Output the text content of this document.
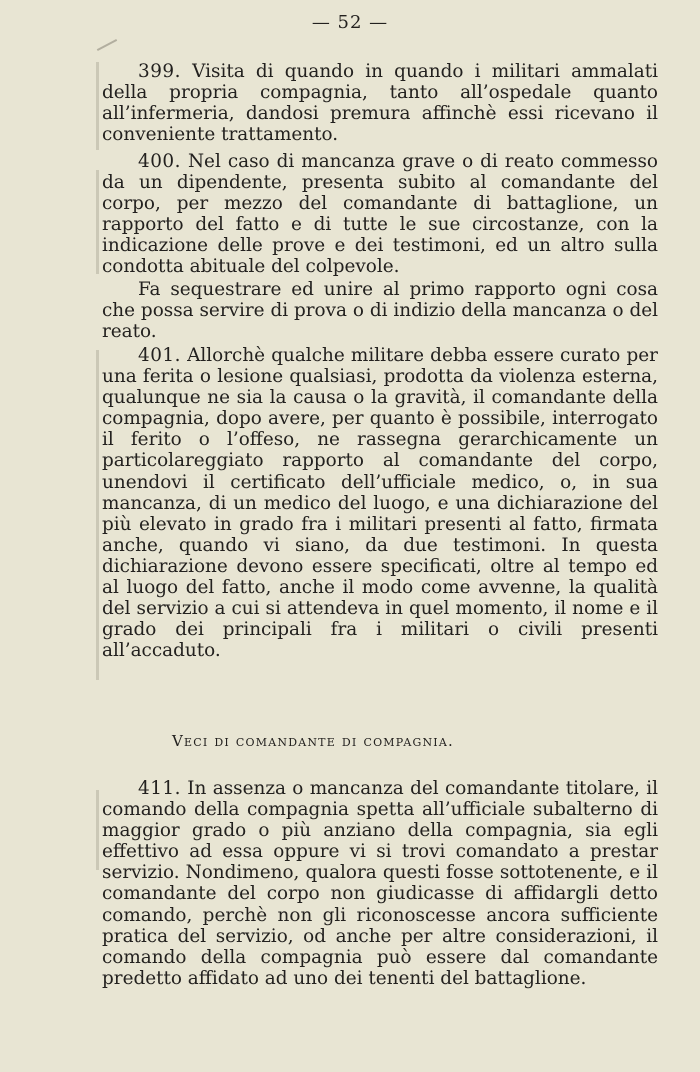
— 52 —

399. Visita di quando in quando i militari ammalati della propria compagnia, tanto all’ospedale quanto all’infermeria, dandosi premura affinchè essi ricevano il conveniente trattamento.

400. Nel caso di mancanza grave o di reato commesso da un dipendente, presenta subito al comandante del corpo, per mezzo del comandante di battaglione, un rapporto del fatto e di tutte le sue circostanze, con la indicazione delle prove e dei testimoni, ed un altro sulla condotta abituale del colpevole.

Fa sequestrare ed unire al primo rapporto ogni cosa che possa servire di prova o di indizio della mancanza o del reato.

401. Allorchè qualche militare debba essere curato per una ferita o lesione qualsiasi, prodotta da violenza esterna, qualunque ne sia la causa o la gravità, il comandante della compagnia, dopo avere, per quanto è possibile, interrogato il ferito o l’offeso, ne rassegna gerarchicamente un particolareggiato rapporto al comandante del corpo, unendovi il certificato dell’ufficiale medico, o, in sua mancanza, di un medico del luogo, e una dichiarazione del più elevato in grado fra i militari presenti al fatto, firmata anche, quando vi siano, da due testimoni. In questa dichiarazione devono essere specificati, oltre al tempo ed al luogo del fatto, anche il modo come avvenne, la qualità del servizio a cui si attendeva in quel momento, il nome e il grado dei principali fra i militari o civili presenti all’accaduto.

Veci di comandante di compagnia.

411. In assenza o mancanza del comandante titolare, il comando della compagnia spetta all’ufficiale subalterno di maggior grado o più anziano della compagnia, sia egli effettivo ad essa oppure vi si trovi comandato a prestar servizio. Nondimeno, qualora questi fosse sottotenente, e il comandante del corpo non giudicasse di affidargli detto comando, perchè non gli riconoscesse ancora sufficiente pratica del servizio, od anche per altre considerazioni, il comando della compagnia può essere dal comandante predetto affidato ad uno dei tenenti del battaglione.
